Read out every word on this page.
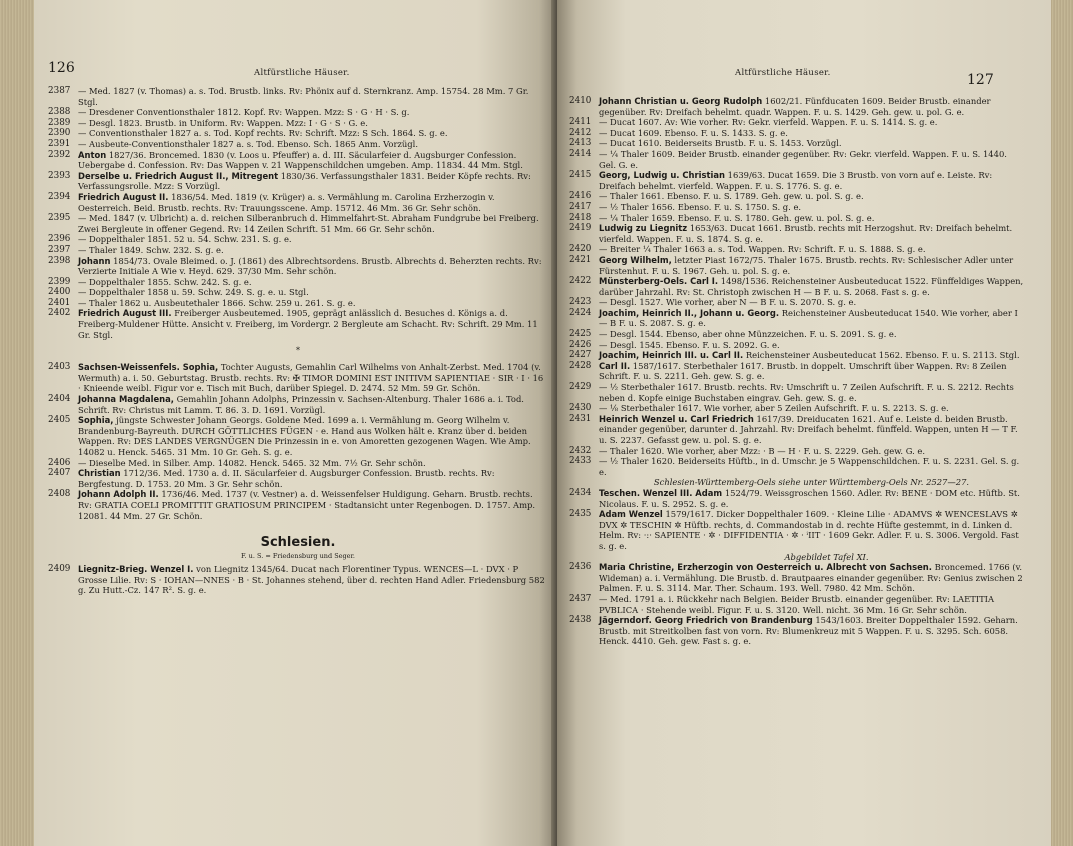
126	Altfürstliche Häuser.
2387 — Med. 1827 (v. Thomas) a. s. Tod. Brustb. links. Rv: Phönix auf d. Sternkranz. Amp. 15754. 28 Mm. 7 Gr. Stgl.
2388 — Dresdener Conventionsthaler 1812. Kopf. Rv: Wappen. Mzz: S · G · H · S. g.
2389 — Desgl. 1823. Brustb. in Uniform. Rv: Wappen. Mzz: I · G · S · G. e.
2390 — Conventionsthaler 1827 a. s. Tod. Kopf rechts. Rv: Schrift. Mzz: S Sch. 1864. S. g. e.
2391 — Ausbeute-Conventionsthaler 1827 a. s. Tod. Ebenso. Sch. 1865 Anm. Vorzügl.
2392 Anton 1827/36. Broncemed. 1830 (v. Loos u. Pfeuffer) a. d. III. Säcularfeier d. Augsburger Confession. Uebergabe d. Confession. Rv: Das Wappen v. 21 Wappenschildchen umgeben. Amp. 11834. 44 Mm. Stgl.
2393 Derselbe u. Friedrich August II., Mitregent 1830/36. Verfassungsthaler 1831. Beider Köpfe rechts. Rv: Verfassungsrolle. Mzz: S Vorzügl.
2394 Friedrich August II. 1836/54. Med. 1819 (v. Krüger) a. s. Vermählung m. Carolina Erzherzogin v. Oesterreich. Beid. Brustb. rechts. Rv: Trauungsscene. Amp. 15712. 46 Mm. 36 Gr. Sehr schön.
2395 — Med. 1847 (v. Ulbricht) a. d. reichen Silberanbruch d. Himmelfahrt-St. Abraham Fundgrube bei Freiberg. Zwei Bergleute in offener Gegend. Rv: 14 Zeilen Schrift. 51 Mm. 66 Gr. Sehr schön.
2396 — Doppelthaler 1851. 52 u. 54. Schw. 231. S. g. e.
2397 — Thaler 1849. Schw. 232. S. g. e.
2398 Johann 1854/73. Ovale Bleimed. o. J. (1861) des Albrechtsordens. Brustb. Albrechts d. Beherzten rechts. Rv: Verzierte Initiale A Wie v. Heyd. 629. 37/30 Mm. Sehr schön.
2399 — Doppelthaler 1855. Schw. 242. S. g. e.
2400 — Doppelthaler 1858 u. 59. Schw. 249. S. g. e. u. Stgl.
2401 — Thaler 1862 u. Ausbeutethaler 1866. Schw. 259 u. 261. S. g. e.
2402 Friedrich August III. Freiberger Ausbeutemed. 1905, geprägt anlässlich d. Besuches d. Königs a. d. Freiberg-Muldener Hütte. Ansicht v. Freiberg, im Vordergr. 2 Bergleute am Schacht. Rv: Schrift. 29 Mm. 11 Gr. Stgl.
*
2403 Sachsen-Weissenfels. Sophia, Tochter Augusts, Gemahlin Carl Wilhelms von Anhalt-Zerbst. Med. 1704 (v. Wermuth) a. i. 50. Geburtstag. Brustb. rechts. Rv: ✠ TIMOR DOMINI EST INITIVM SAPIENTIAE · SIR · I · 16 · Knieende weibl. Figur vor e. Tisch mit Buch, darüber Spiegel. D. 2474. 52 Mm. 59 Gr. Schön.
2404 Johanna Magdalena, Gemahlin Johann Adolphs, Prinzessin v. Sachsen-Altenburg. Thaler 1686 a. i. Tod. Schrift. Rv: Christus mit Lamm. T. 86. 3. D. 1691. Vorzügl.
2405 Sophia, jüngste Schwester Johann Georgs. Goldene Med. 1699 a. i. Vermählung m. Georg Wilhelm v. Brandenburg-Bayreuth. DURCH GÖTTLICHES FÜGEN · e. Hand aus Wolken hält e. Kranz über d. beiden Wappen. Rv: DES LANDES VERGNÜGEN Die Prinzessin in e. von Amoretten gezogenen Wagen. Wie Amp. 14082 u. Henck. 5465. 31 Mm. 10 Gr. Geh. S. g. e.
2406 — Dieselbe Med. in Silber. Amp. 14082. Henck. 5465. 32 Mm. 7½ Gr. Sehr schön.
2407 Christian 1712/36. Med. 1730 a. d. II. Säcularfeier d. Augsburger Confession. Brustb. rechts. Rv: Bergfestung. D. 1753. 20 Mm. 3 Gr. Sehr schön.
2408 Johann Adolph II. 1736/46. Med. 1737 (v. Vestner) a. d. Weissenfelser Huldigung. Geharn. Brustb. rechts. Rv: GRATIA COELI PROMITTIT GRATIOSUM PRINCIPEM · Stadtansicht unter Regenbogen. D. 1757. Amp. 12081. 44 Mm. 27 Gr. Schön.
Schlesien.
F. u. S. = Friedensburg und Seger.
2409 Liegnitz-Brieg. Wenzel I. von Liegnitz 1345/64. Ducat nach Florentiner Typus. WENCES—L · DVX · P Grosse Lilie. Rv: S · IOHAN—NNES · B · St. Johannes stehend, über d. rechten Hand Adler. Friedensburg 582 g. Zu Hutt.-Cz. 147 R². S. g. e.
Altfürstliche Häuser.	127
2410 Johann Christian u. Georg Rudolph 1602/21. Fünfducaten 1609. Beider Brustb. einander gegenüber. Rv: Dreifach behelmt. quadr. Wappen. F. u. S. 1429. Geh. gew. u. pol. G. e.
2411 — Ducat 1607. Av: Wie vorher. Rv: Gekr. vierfeld. Wappen. F. u. S. 1414. S. g. e.
2412 — Ducat 1609. Ebenso. F. u. S. 1433. S. g. e.
2413 — Ducat 1610. Beiderseits Brustb. F. u. S. 1453. Vorzügl.
2414 — ¼ Thaler 1609. Beider Brustb. einander gegenüber. Rv: Gekr. vierfeld. Wappen. F. u. S. 1440. Gel. G. e.
2415 Georg, Ludwig u. Christian 1639/63. Ducat 1659. Die 3 Brustb. von vorn auf e. Leiste. Rv: Dreifach behelmt. vierfeld. Wappen. F. u. S. 1776. S. g. e.
2416 — Thaler 1661. Ebenso. F. u. S. 1789. Geh. gew. u. pol. S. g. e.
2417 — ½ Thaler 1656. Ebenso. F. u. S. 1750. S. g. e.
2418 — ¼ Thaler 1659. Ebenso. F. u. S. 1780. Geh. gew. u. pol. S. g. e.
2419 Ludwig zu Liegnitz 1653/63. Ducat 1661. Brustb. rechts mit Herzogshut. Rv: Dreifach behelmt. vierfeld. Wappen. F. u. S. 1874. S. g. e.
2420 — Breiter ¼ Thaler 1663 a. s. Tod. Wappen. Rv: Schrift. F. u. S. 1888. S. g. e.
2421 Georg Wilhelm, letzter Piast 1672/75. Thaler 1675. Brustb. rechts. Rv: Schlesischer Adler unter Fürstenhut. F. u. S. 1967. Geh. u. pol. S. g. e.
2422 Münsterberg-Oels. Carl I. 1498/1536. Reichensteiner Ausbeuteducat 1522. Fünffeldiges Wappen, darüber Jahrzahl. Rv: St. Christoph zwischen H — B F. u. S. 2068. Fast s. g. e.
2423 — Desgl. 1527. Wie vorher, aber N — B F. u. S. 2070. S. g. e.
2424 Joachim, Heinrich II., Johann u. Georg. Reichensteiner Ausbeuteducat 1540. Wie vorher, aber I — B F. u. S. 2087. S. g. e.
2425 — Desgl. 1544. Ebenso, aber ohne Münzzeichen. F. u. S. 2091. S. g. e.
2426 — Desgl. 1545. Ebenso. F. u. S. 2092. G. e.
2427 Joachim, Heinrich III. u. Carl II. Reichensteiner Ausbeuteducat 1562. Ebenso. F. u. S. 2113. Stgl.
2428 Carl II. 1587/1617. Sterbethaler 1617. Brustb. in doppelt. Umschrift über Wappen. Rv: 8 Zeilen Schrift. F. u. S. 2211. Geh. gew. S. g. e.
2429 — ½ Sterbethaler 1617. Brustb. rechts. Rv: Umschrift u. 7 Zeilen Aufschrift. F. u. S. 2212. Rechts neben d. Kopfe einige Buchstaben eingrav. Geh. gew. S. g. e.
2430 — ⅛ Sterbethaler 1617. Wie vorher, aber 5 Zeilen Aufschrift. F. u. S. 2213. S. g. e.
2431 Heinrich Wenzel u. Carl Friedrich 1617/39. Dreiducaten 1621. Auf e. Leiste d. beiden Brustb. einander gegenüber, darunter d. Jahrzahl. Rv: Dreifach behelmt. fünffeld. Wappen, unten H — T F. u. S. 2237. Gefasst gew. u. pol. S. g. e.
2432 — Thaler 1620. Wie vorher, aber Mzz: · B — H · F. u. S. 2229. Geh. gew. G. e.
2433 — ½ Thaler 1620. Beiderseits Hüftb., in d. Umschr. je 5 Wappenschildchen. F. u. S. 2231. Gel. S. g. e.
Schlesien-Württemberg-Oels siehe unter Württemberg-Oels Nr. 2527—27.
2434 Teschen. Wenzel III. Adam 1524/79. Weissgroschen 1560. Adler. Rv: BENE · DOM etc. Hüftb. St. Nicolaus. F. u. S. 2952. S. g. e.
2435 Adam Wenzel 1579/1617. Dicker Doppelthaler 1609. · Kleine Lilie · ADAMVS ✲ WENCESLAVS ✲ DVX ✲ TESCHIN ✲ Hüftb. rechts, d. Commandostab in d. rechte Hüfte gestemmt, in d. Linken d. Helm. Rv: ·:· SAPIENTE · ✲ · DIFFIDENTIA · ✲ · ⁱIIT · 1609 Gekr. Adler. F. u. S. 3006. Vergold. Fast s. g. e.
Abgebildet Tafel XI.
2436 Maria Christine, Erzherzogin von Oesterreich u. Albrecht von Sachsen. Broncemed. 1766 (v. Wideman) a. i. Vermählung. Die Brustb. d. Brautpaares einander gegenüber. Rv: Genius zwischen 2 Palmen. F. u. S. 3114. Mar. Ther. Schaum. 193. Well. 7980. 42 Mm. Schön.
2437 — Med. 1791 a. i. Rückkehr nach Belgien. Beider Brustb. einander gegenüber. Rv: LAETITIA PVBLICA · Stehende weibl. Figur. F. u. S. 3120. Well. nicht. 36 Mm. 16 Gr. Sehr schön.
2438 Jägerndorf. Georg Friedrich von Brandenburg 1543/1603. Breiter Doppelthaler 1592. Geharn. Brustb. mit Streitkolben fast von vorn. Rv: Blumenkreuz mit 5 Wappen. F. u. S. 3295. Sch. 6058. Henck. 4410. Geh. gew. Fast s. g. e.
